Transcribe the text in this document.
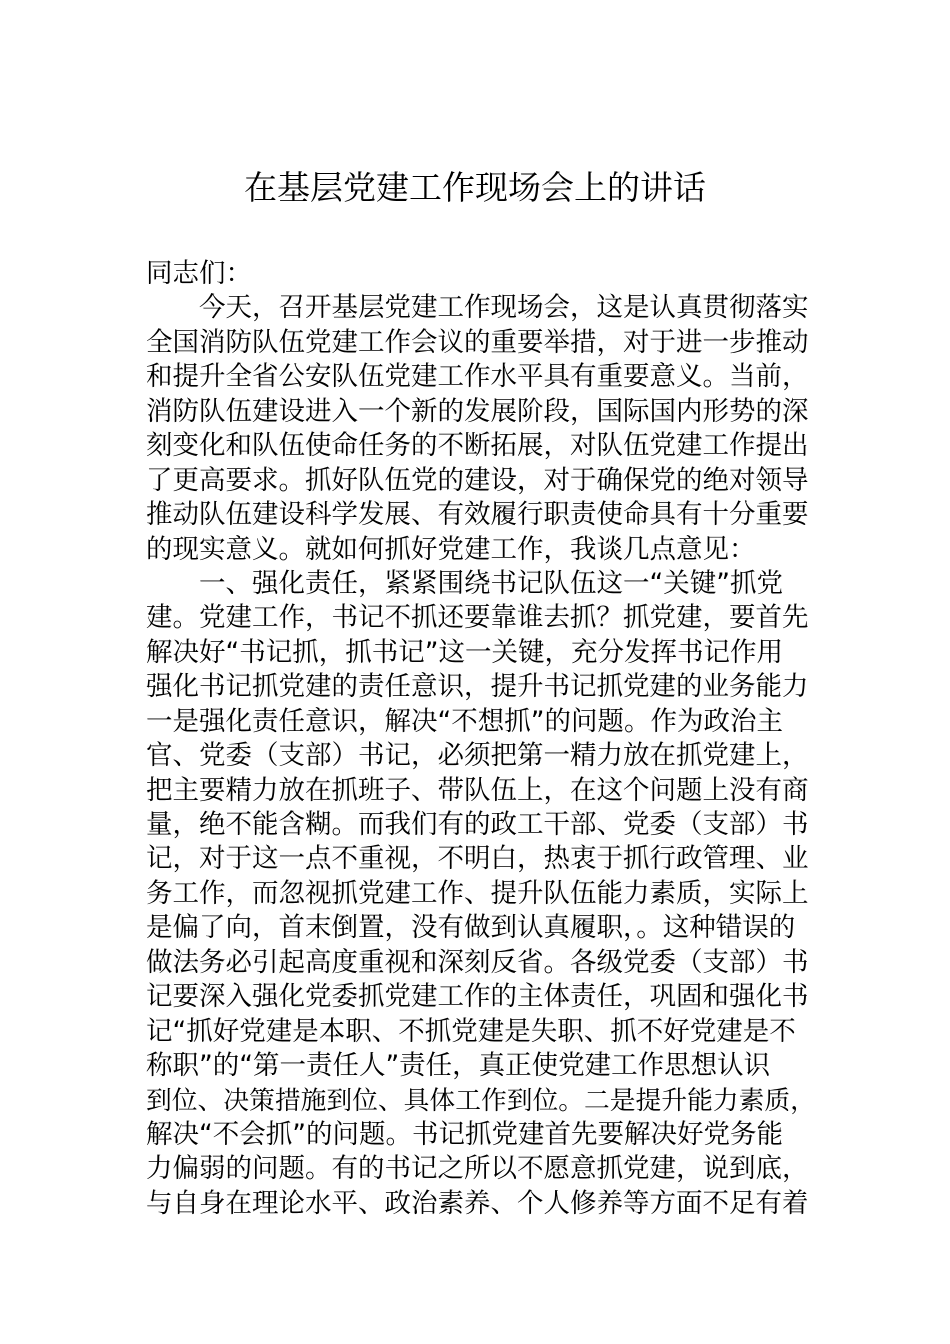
在基层党建工作现场会上的讲话
同志们：
今天，召开基层党建工作现场会，这是认真贯彻落实
全国消防队伍党建工作会议的重要举措，对于进一步推动
和提升全省公安队伍党建工作水平具有重要意义。当前，
消防队伍建设进入一个新的发展阶段，国际国内形势的深
刻变化和队伍使命任务的不断拓展，对队伍党建工作提出
了更高要求。抓好队伍党的建设，对于确保党的绝对领导
推动队伍建设科学发展、有效履行职责使命具有十分重要
的现实意义。就如何抓好党建工作，我谈几点意见：
一、强化责任，紧紧围绕书记队伍这一“关键”抓党
建。党建工作，书记不抓还要靠谁去抓？抓党建，要首先
解决好“书记抓，抓书记”这一关键，充分发挥书记作用
强化书记抓党建的责任意识，提升书记抓党建的业务能力
一是强化责任意识，解决“不想抓”的问题。作为政治主
官、党委（支部）书记，必须把第一精力放在抓党建上，
把主要精力放在抓班子、带队伍上，在这个问题上没有商
量，绝不能含糊。而我们有的政工干部、党委（支部）书
记，对于这一点不重视，不明白，热衷于抓行政管理、业
务工作，而忽视抓党建工作、提升队伍能力素质，实际上
是偏了向，首末倒置，没有做到认真履职，。这种错误的
做法务必引起高度重视和深刻反省。各级党委（支部）书
记要深入强化党委抓党建工作的主体责任，巩固和强化书
记“抓好党建是本职、不抓党建是失职、抓不好党建是不
称职”的“第一责任人”责任，真正使党建工作思想认识
到位、决策措施到位、具体工作到位。二是提升能力素质，
解决“不会抓”的问题。书记抓党建首先要解决好党务能
力偏弱的问题。有的书记之所以不愿意抓党建，说到底，
与自身在理论水平、政治素养、个人修养等方面不足有着
